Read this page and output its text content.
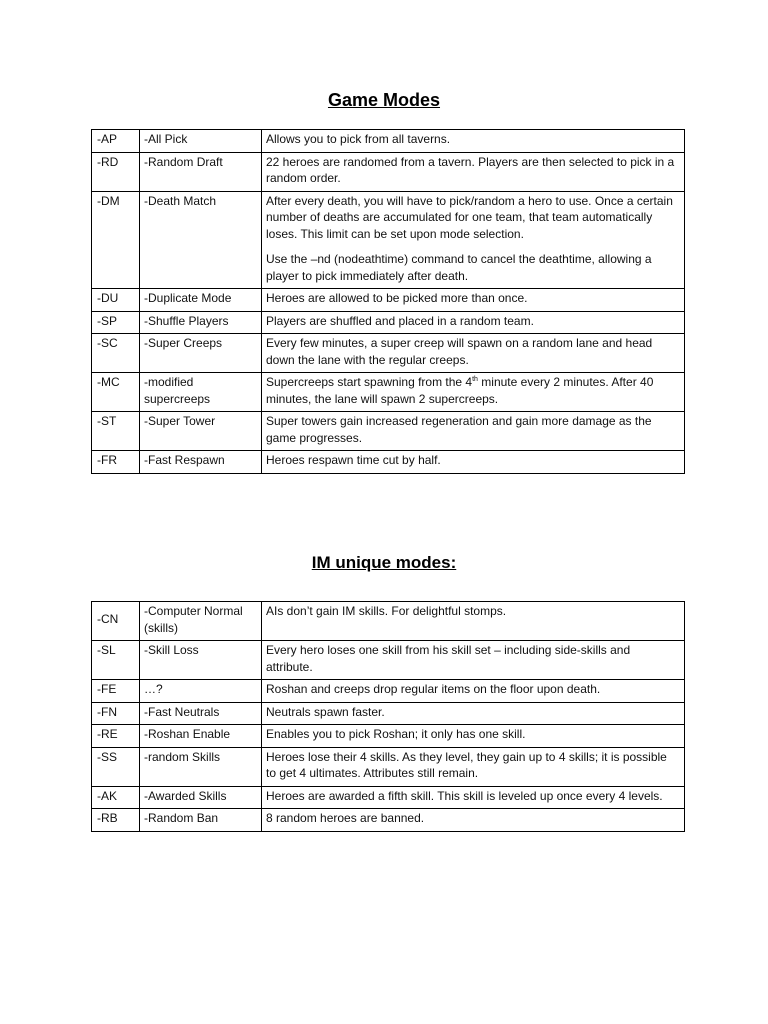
Game Modes
-AP	-All Pick	Allows you to pick from all taverns.
-RD	-Random Draft	22 heroes are randomed from a tavern. Players are then selected to pick in a random order.
-DM	-Death Match	After every death, you will have to pick/random a hero to use. Once a certain number of deaths are accumulated for one team, that team automatically loses. This limit can be set upon mode selection.
Use the –nd (nodeathtime) command to cancel the deathtime, allowing a player to pick immediately after death.

-DU	-Duplicate Mode	Heroes are allowed to be picked more than once.
-SP	-Shuffle Players	Players are shuffled and placed in a random team.
-SC	-Super Creeps	Every few minutes, a super creep will spawn on a random lane and head down the lane with the regular creeps.
-MC	-modified supercreeps	Supercreeps start spawning from the 4th minute every 2 minutes. After 40 minutes, the lane will spawn 2 supercreeps.
-ST	-Super Tower	Super towers gain increased regeneration and gain more damage as the game progresses.
-FR	-Fast Respawn	Heroes respawn time cut by half.
IM unique modes:
-CN	-Computer Normal (skills)	AIs don’t gain IM skills. For delightful stomps.
-SL	-Skill Loss	Every hero loses one skill from his skill set – including side-skills and attribute.
-FE	…?	Roshan and creeps drop regular items on the floor upon death.
-FN	-Fast Neutrals	Neutrals spawn faster.
-RE	-Roshan Enable	Enables you to pick Roshan; it only has one skill.
-SS	-random Skills	Heroes lose their 4 skills. As they level, they gain up to 4 skills; it is possible to get 4 ultimates. Attributes still remain.
-AK	-Awarded Skills	Heroes are awarded a fifth skill. This skill is leveled up once every 4 levels.
-RB	-Random Ban	8 random heroes are banned.
